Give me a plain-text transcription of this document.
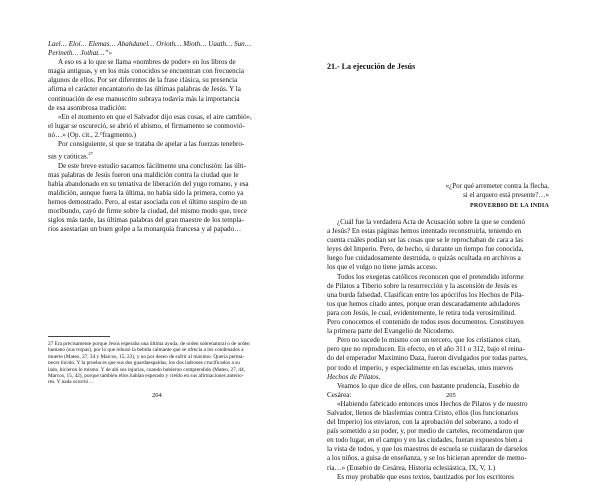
Lael… Eloí… Elemas… Abahdanel… Orioth… Mioth… Uaath… Sun…

Perineth… Jothat…”»

A eso es a lo que se llama «nombres de poder» en los libros de

magia antiguas, y en los más conocidos se encuentran con frecuencia

algunos de ellos. Por ser diferentes de la frase clásica, su presencia

afirma el carácter encantatorio de las últimas palabras de Jesús. Y la

continuación de ese manuscrito subraya todavía más la importancia

de esa asombrosa tradición:

«En el momento en que el Salvador dijo esas cosas, el aire cambió»,

el lugar se oscureció, se abrió el abismo, el firmamento se conmovió-

nó…» (Op. cit., 2.°fragmento.)

Por consiguiente, si que se trataba de apelar a las fuerzas tenebro-

sas y caóticas.$^{27}$

De este breve estudio sacamos fácilmente una conclusión: las últi-

mas palabras de Jesús fueron una maldición contra la ciudad que le

había abandonado en su tentativa de liberación del yugo romano, y esa

maldición, aunque fuera la última, no había sido la primera, como ya

hemos demostrado. Pero, al estar asociada con el último suspiro de un

moribundo, cayó de firme sobre la ciudad, del mismo modo que, trece

siglos más tarde, las últimas palabras del gran maestre de los templa-

rios asestarían un buen golpe a la monarquía francesa y al papado…

27 Era precisamente porque Jesús esperaba una última ayuda, de orden sobrenatural o de orden
humano (sus tropas), por lo que rehusó la bebida calmante que se ofrecía a los condenados a
muerte (Mateo, 27, 34 y Marcos, 15, 23), y no por deseo de sufrir al máximo. Quería perma-
necer lúcido. Y la prueba es que sus dos guardaespaldas, los dos ladrones crucificados a su
lado, hicieron lo mismo. Y de ahí sus injurias, cuando hubieron comprendido (Mateo, 27, 44,
Marcos, 15, 42), porque también ellos habían esperado y creído en sus afirmaciones anterio-
res. Y nada ocurrió…
204
21.- La ejecución de Jesús
«¿Por qué arremeter contra la flecha,
si el arquero está presente?…»
PROVERBIO DE LA INDIA

¿Cuál fue la verdadera Acta de Acusación sobre la que se condenó

a Jesús? En estas páginas hemos intentado reconstruirla, teniendo en

cuenta cuáles podían ser las cosas que se le reprochaban de cara a las

leyes del Imperio. Pero, de hecho, si durante un tiempo fue conocida,

luego fue cuidadosamente destruida, o quizás ocultada en archivos a

los que el vulgo no tiene jamás acceso.

Todos los exegetas católicos reconocen que el pretendido informe

de Pilatos a Tiberio sobre la resurrección y la ascensión de Jesús es

una burda falsedad. Clasifican entre los apócrifos los Hechos de Pila-

tos que hemos citado antes, porque eran descaradamente aduladores

para con Jesús, le cual, evidentemente, le retira toda verosimilitud.

Pero conocemos el contenido de todos esos documentos. Constituyen

la primera parte del Evangelio de Nicodemo.

Pero no sucede lo mismo con un tercero, que los cristianos citan,

pero que no reproducen. En efecto, en el año 311 o 312, bajo el reina-

do del emperador Maximino Daza, fueron divulgados por todas partes,

por todo el imperio, y especialmente en las escuelas, unos nuevos

Hechos de Pilatos.

Veamos lo que dice de ellos, con bastante prudencia, Eusebio de

Cesárea:

«Habiendo fabricado entonces unos Hechos de Pilatos y de nuestro

Salvador, llenos de blasfemias contra Cristo, ellos (los funcionarios

del Imperio) los enviaron, con la aprobación del soberano, a todo el

país sometido a su poder, y, por medio de carteles, recomendaron que

en todo lugar, en el campo y en las ciudades, fueran expuestos bien a

la vista de todos, y que los maestros de escuela se cuidaran de darselos

a los niños, a guisa de enseñanza, y se los hicieran aprender de memo-

ria…» (Eusebio de Cesárea, Historia eclesiástica, IX, V, 1.)

Es muy probable que esos textos, bautizados por los escritores

205
